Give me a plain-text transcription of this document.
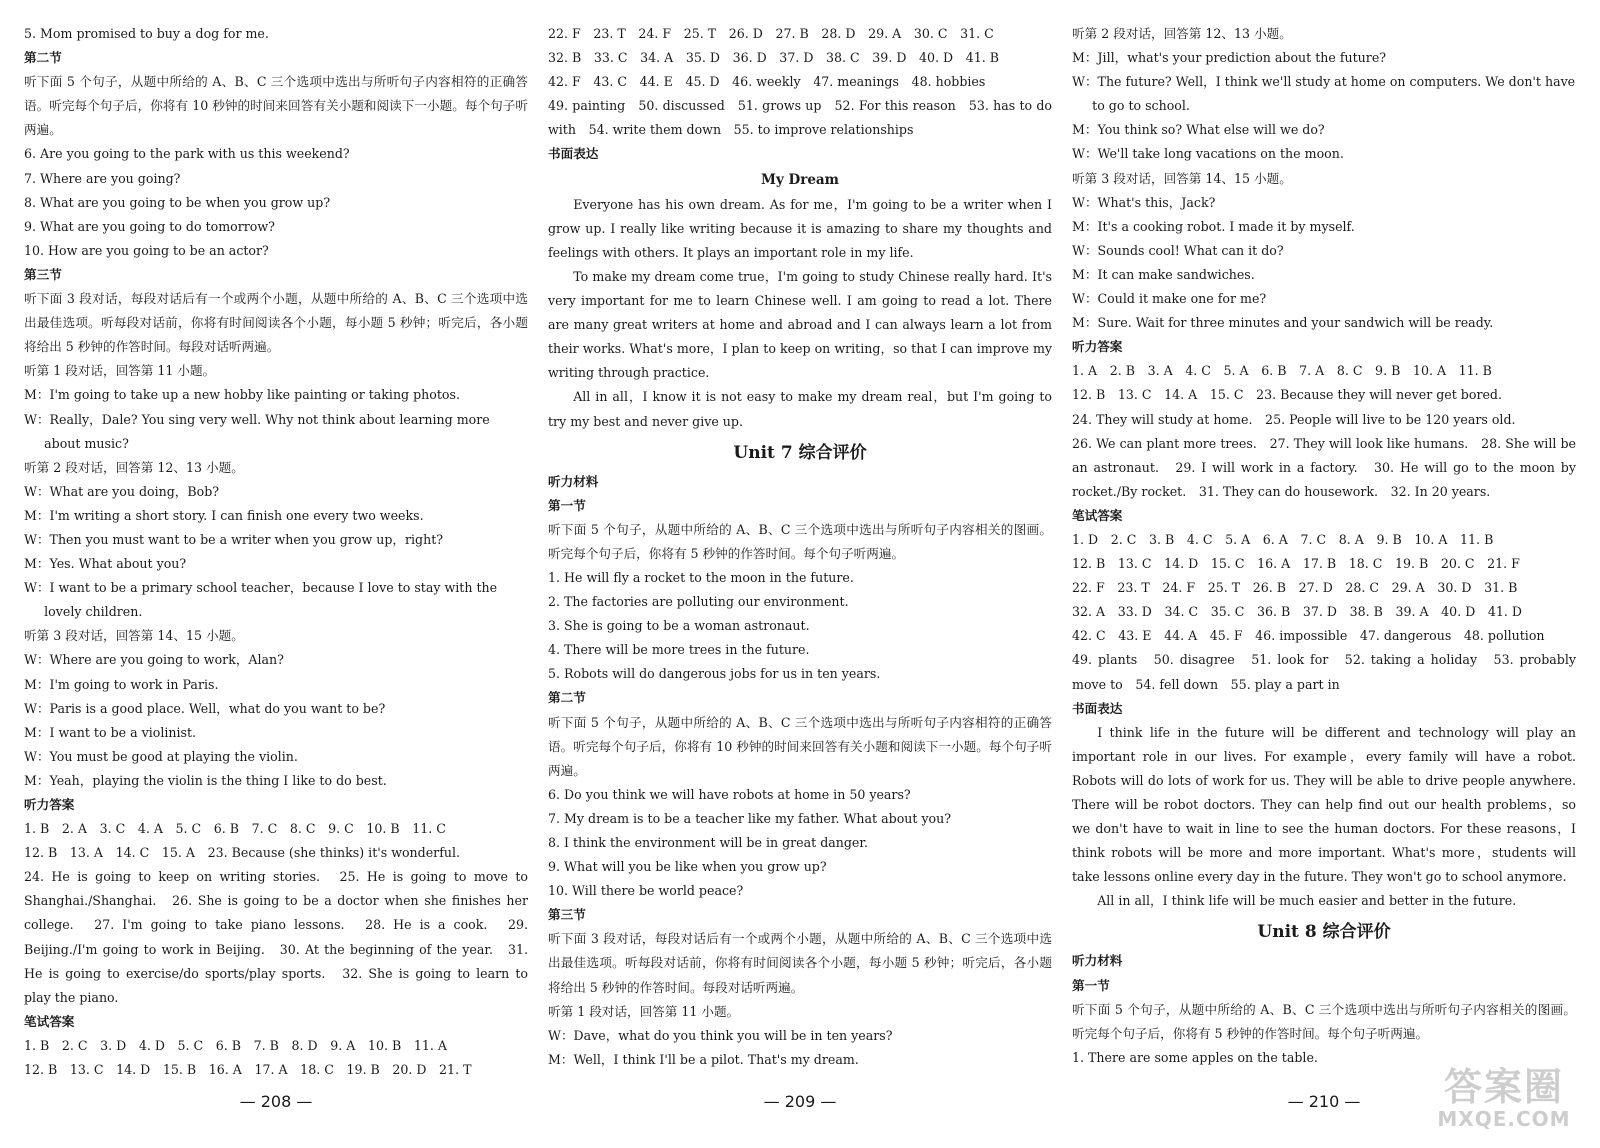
5. Mom promised to buy a dog for me.

第二节

听下面 5 个句子，从题中所给的 A、B、C 三个选项中选出与所听句子内容相符的正确答语。听完每个句子后，你将有 10 秒钟的时间来回答有关小题和阅读下一小题。每个句子听两遍。

6. Are you going to the park with us this weekend?

7. Where are you going?

8. What are you going to be when you grow up?

9. What are you going to do tomorrow?

10. How are you going to be an actor?

第三节

听下面 3 段对话，每段对话后有一个或两个小题，从题中所给的 A、B、C 三个选项中选出最佳选项。听每段对话前，你将有时间阅读各个小题，每小题 5 秒钟；听完后，各小题将给出 5 秒钟的作答时间。每段对话听两遍。

听第 1 段对话，回答第 11 小题。

M：I'm going to take up a new hobby like painting or taking photos.

W：Really，Dale? You sing very well. Why not think about learning more about music?

听第 2 段对话，回答第 12、13 小题。

W：What are you doing，Bob?

M：I'm writing a short story. I can finish one every two weeks.

W：Then you must want to be a writer when you grow up，right?

M：Yes. What about you?

W：I want to be a primary school teacher，because I love to stay with the lovely children.

听第 3 段对话，回答第 14、15 小题。

W：Where are you going to work，Alan?

M：I'm going to work in Paris.

W：Paris is a good place. Well，what do you want to be?

M：I want to be a violinist.

W：You must be good at playing the violin.

M：Yeah，playing the violin is the thing I like to do best.

听力答案

1. B　2. A　3. C　4. A　5. C　6. B　7. C　8. C　9. C　10. B　11. C

12. B　13. A　14. C　15. A　23. Because (she thinks) it's wonderful.

24. He is going to keep on writing stories.　25. He is going to move to Shanghai./Shanghai.　26. She is going to be a doctor when she finishes her college.　27. I'm going to take piano lessons.　28. He is a cook.　29. Beijing./I'm going to work in Beijing.　30. At the beginning of the year.　31. He is going to exercise/do sports/play sports.　32. She is going to learn to play the piano.

笔试答案

1. B　2. C　3. D　4. D　5. C　6. B　7. B　8. D　9. A　10. B　11. A

12. B　13. C　14. D　15. B　16. A　17. A　18. C　19. B　20. D　21. T

— 208 —

22. F　23. T　24. F　25. T　26. D　27. B　28. D　29. A　30. C　31. C

32. B　33. C　34. A　35. D　36. D　37. D　38. C　39. D　40. D　41. B

42. F　43. C　44. E　45. D　46. weekly　47. meanings　48. hobbies

49. painting　50. discussed　51. grows up　52. For this reason　53. has to do with　54. write them down　55. to improve relationships

书面表达

My Dream

Everyone has his own dream. As for me，I'm going to be a writer when I grow up. I really like writing because it is amazing to share my thoughts and feelings with others. It plays an important role in my life.

To make my dream come true，I'm going to study Chinese really hard. It's very important for me to learn Chinese well. I am going to read a lot. There are many great writers at home and abroad and I can always learn a lot from their works. What's more，I plan to keep on writing，so that I can improve my writing through practice.

All in all，I know it is not easy to make my dream real，but I'm going to try my best and never give up.

Unit 7 综合评价

听力材料

第一节

听下面 5 个句子，从题中所给的 A、B、C 三个选项中选出与所听句子内容相关的图画。听完每个句子后，你将有 5 秒钟的作答时间。每个句子听两遍。

1. He will fly a rocket to the moon in the future.

2. The factories are polluting our environment.

3. She is going to be a woman astronaut.

4. There will be more trees in the future.

5. Robots will do dangerous jobs for us in ten years.

第二节

听下面 5 个句子，从题中所给的 A、B、C 三个选项中选出与所听句子内容相符的正确答语。听完每个句子后，你将有 10 秒钟的时间来回答有关小题和阅读下一小题。每个句子听两遍。

6. Do you think we will have robots at home in 50 years?

7. My dream is to be a teacher like my father. What about you?

8. I think the environment will be in great danger.

9. What will you be like when you grow up?

10. Will there be world peace?

第三节

听下面 3 段对话，每段对话后有一个或两个小题，从题中所给的 A、B、C 三个选项中选出最佳选项。听每段对话前，你将有时间阅读各个小题，每小题 5 秒钟；听完后，各小题将给出 5 秒钟的作答时间。每段对话听两遍。

听第 1 段对话，回答第 11 小题。

W：Dave，what do you think you will be in ten years?

M：Well，I think I'll be a pilot. That's my dream.

— 209 —

听第 2 段对话，回答第 12、13 小题。

M：Jill，what's your prediction about the future?

W：The future? Well，I think we'll study at home on computers. We don't have to go to school.

M：You think so? What else will we do?

W：We'll take long vacations on the moon.

听第 3 段对话，回答第 14、15 小题。

W：What's this，Jack?

M：It's a cooking robot. I made it by myself.

W：Sounds cool! What can it do?

M：It can make sandwiches.

W：Could it make one for me?

M：Sure. Wait for three minutes and your sandwich will be ready.

听力答案

1. A　2. B　3. A　4. C　5. A　6. B　7. A　8. C　9. B　10. A　11. B

12. B　13. C　14. A　15. C　23. Because they will never get bored.

24. They will study at home.　25. People will live to be 120 years old.

26. We can plant more trees.　27. They will look like humans.　28. She will be an astronaut.　29. I will work in a factory.　30. He will go to the moon by rocket./By rocket.　31. They can do housework.　32. In 20 years.

笔试答案

1. D　2. C　3. B　4. C　5. A　6. A　7. C　8. A　9. B　10. A　11. B

12. B　13. C　14. D　15. C　16. A　17. B　18. C　19. B　20. C　21. F

22. F　23. T　24. F　25. T　26. B　27. D　28. C　29. A　30. D　31. B

32. A　33. D　34. C　35. C　36. B　37. D　38. B　39. A　40. D　41. D

42. C　43. E　44. A　45. F　46. impossible　47. dangerous　48. pollution

49. plants　50. disagree　51. look for　52. taking a holiday　53. probably　move to　54. fell down　55. play a part in

书面表达

I think life in the future will be different and technology will play an important role in our lives. For example，every family will have a robot. Robots will do lots of work for us. They will be able to drive people anywhere. There will be robot doctors. They can help find out our health problems，so we don't have to wait in line to see the human doctors. For these reasons，I think robots will be more and more important. What's more，students will take lessons online every day in the future. They won't go to school anymore.

All in all，I think life will be much easier and better in the future.

Unit 8 综合评价

听力材料

第一节

听下面 5 个句子，从题中所给的 A、B、C 三个选项中选出与所听句子内容相关的图画。听完每个句子后，你将有 5 秒钟的作答时间。每个句子听两遍。

1. There are some apples on the table.

— 210 —	答案圈
MXQE.COM
